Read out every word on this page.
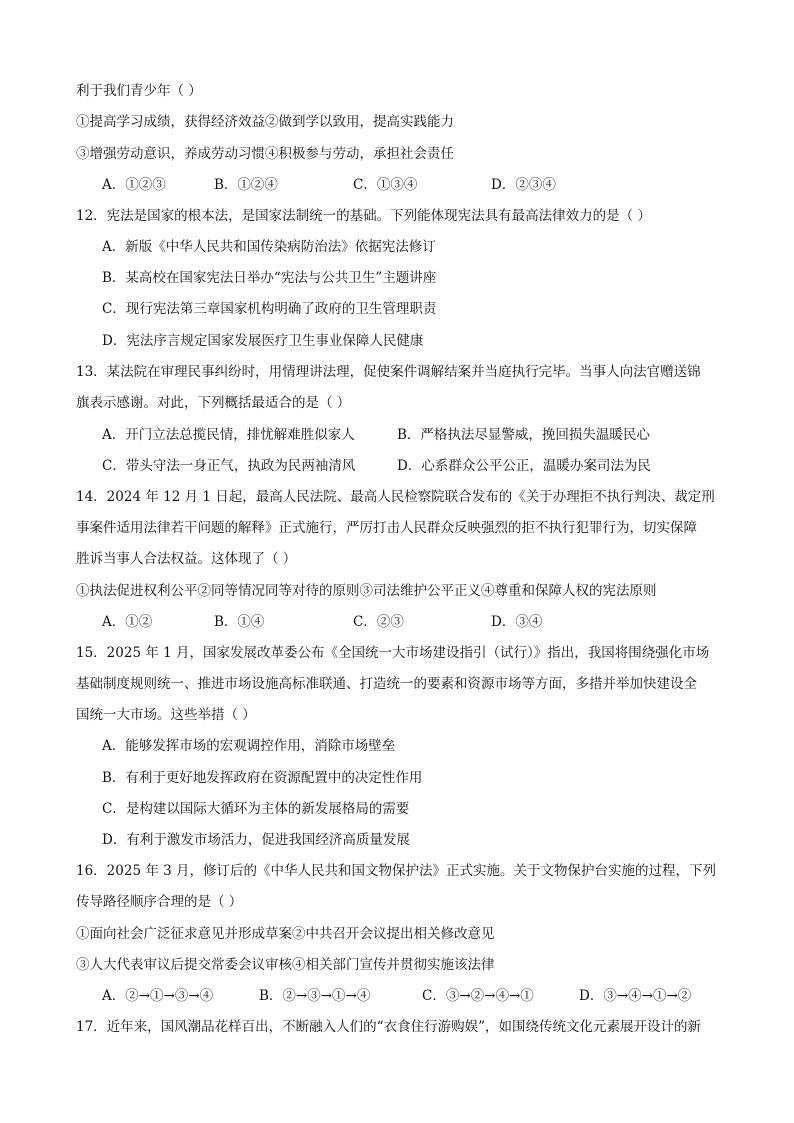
利于我们青少年（ ）
①提高学习成绩，获得经济效益②做到学以致用，提高实践能力
③增强劳动意识，养成劳动习惯④积极参与劳动，承担社会责任
A．①②③	B．①②④	C．①③④	D．②③④
12．宪法是国家的根本法，是国家法制统一的基础。下列能体现宪法具有最高法律效力的是（ ）
A．新版《中华人民共和国传染病防治法》依据宪法修订
B．某高校在国家宪法日举办“宪法与公共卫生”主题讲座
C．现行宪法第三章国家机构明确了政府的卫生管理职责
D．宪法序言规定国家发展医疗卫生事业保障人民健康
13．某法院在审理民事纠纷时，用情理讲法理，促使案件调解结案并当庭执行完毕。当事人向法官赠送锦
旗表示感谢。对此，下列概括最适合的是（ ）
A．开门立法总揽民情，排忧解难胜似家人	B．严格执法尽显警威，挽回损失温暖民心
C．带头守法一身正气，执政为民两袖清风	D．心系群众公平公正，温暖办案司法为民
14．2024 年 12 月 1 日起，最高人民法院、最高人民检察院联合发布的《关于办理拒不执行判决、裁定刑
事案件适用法律若干问题的解释》正式施行，严厉打击人民群众反映强烈的拒不执行犯罪行为，切实保障
胜诉当事人合法权益。这体现了（ ）
①执法促进权利公平②同等情况同等对待的原则③司法维护公平正义④尊重和保障人权的宪法原则
A．①②	B．①④	C．②③	D．③④
15．2025 年 1 月，国家发展改革委公布《全国统一大市场建设指引（试行）》指出，我国将围绕强化市场
基础制度规则统一、推进市场设施高标准联通、打造统一的要素和资源市场等方面，多措并举加快建设全
国统一大市场。这些举措（ ）
A．能够发挥市场的宏观调控作用，消除市场壁垒
B．有利于更好地发挥政府在资源配置中的决定性作用
C．是构建以国际大循环为主体的新发展格局的需要
D．有利于激发市场活力，促进我国经济高质量发展
16．2025 年 3 月，修订后的《中华人民共和国文物保护法》正式实施。关于文物保护台实施的过程，下列
传导路径顺序合理的是（ ）
①面向社会广泛征求意见并形成草案②中共召开会议提出相关修改意见
③人大代表审议后提交常委会议审核④相关部门宣传并贯彻实施该法律
A．②→①→③→④	B．②→③→①→④	C．③→②→④→①	D．③→④→①→②
17．近年来，国风潮品花样百出，不断融入人们的“衣食住行游购娱”，如围绕传统文化元素展开设计的新
